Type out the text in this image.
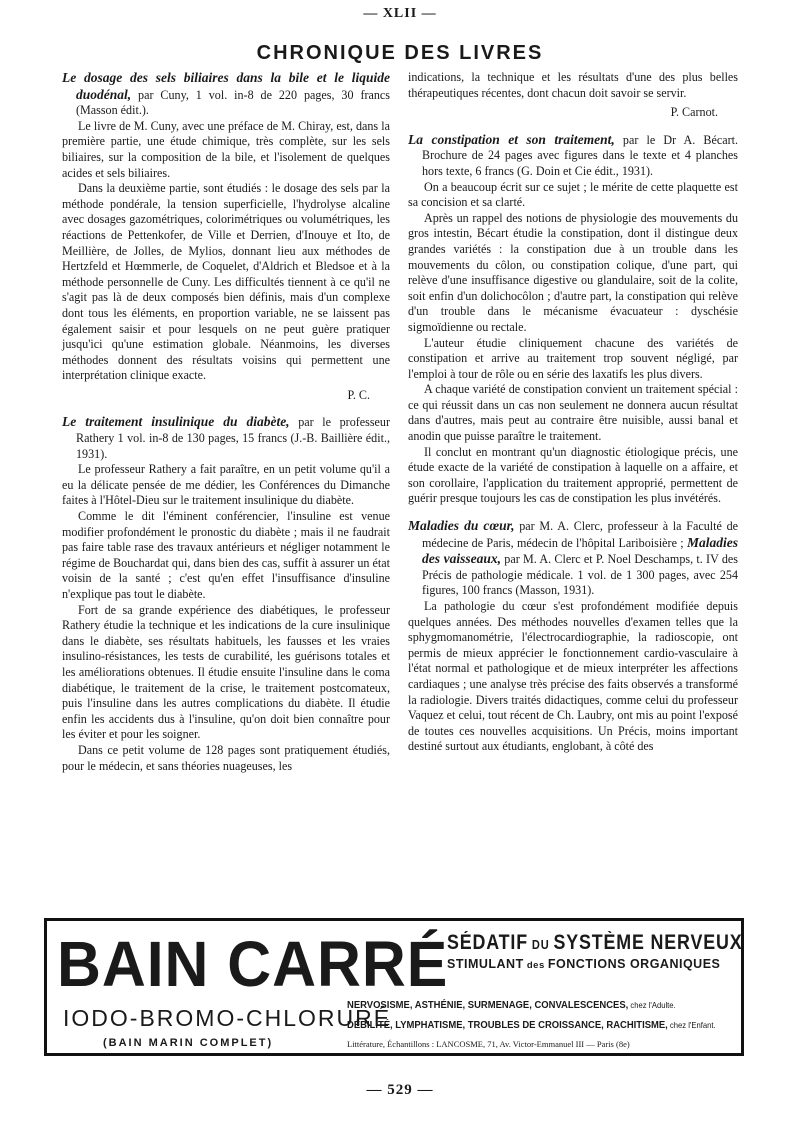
— XLII —
CHRONIQUE DES LIVRES

Le dosage des sels biliaires dans la bile et le liquide duodénal, par Cuny, 1 vol. in-8 de 220 pages, 30 francs (Masson édit.).

Le livre de M. Cuny, avec une préface de M. Chiray, est, dans la première partie, une étude chimique, très complète, sur les sels biliaires, sur la composition de la bile, et l'isolement de quelques acides et sels biliaires.

Dans la deuxième partie, sont étudiés : le dosage des sels par la méthode pondérale, la tension superficielle, l'hydrolyse alcaline avec dosages gazométriques, colorimétriques ou volumétriques, les réactions de Pettenkofer, de Ville et Derrien, d'Inouye et Ito, de Meillière, de Jolles, de Mylios, donnant lieu aux méthodes de Hertzfeld et Hœmmerle, de Coquelet, d'Aldrich et Bledsoe et à la méthode personnelle de Cuny. Les difficultés tiennent à ce qu'il ne s'agit pas là de deux composés bien définis, mais d'un complexe dont tous les éléments, en proportion variable, ne se laissent pas également saisir et pour lesquels on ne peut guère pratiquer jusqu'ici qu'une estimation globale. Néanmoins, les diverses méthodes donnent des résultats voisins qui permettent une interprétation clinique exacte.

P. C.

Le traitement insulinique du diabète, par le professeur Rathery 1 vol. in-8 de 130 pages, 15 francs (J.-B. Baillière édit., 1931).

Le professeur Rathery a fait paraître, en un petit volume qu'il a eu la délicate pensée de me dédier, les Conférences du Dimanche faites à l'Hôtel-Dieu sur le traitement insulinique du diabète.

Comme le dit l'éminent conférencier, l'insuline est venue modifier profondément le pronostic du diabète ; mais il ne faudrait pas faire table rase des travaux antérieurs et négliger notamment le régime de Bouchardat qui, dans bien des cas, suffit à assurer un état voisin de la santé ; c'est qu'en effet l'insuffisance d'insuline n'explique pas tout le diabète.

Fort de sa grande expérience des diabétiques, le professeur Rathery étudie la technique et les indications de la cure insulinique dans le diabète, ses résultats habituels, les fausses et les vraies insulino-résistances, les tests de curabilité, les guérisons totales et les améliorations obtenues. Il étudie ensuite l'insuline dans le coma diabétique, le traitement de la crise, le traitement postcomateux, puis l'insuline dans les autres complications du diabète. Il étudie enfin les accidents dus à l'insuline, qu'on doit bien connaître pour les éviter et pour les soigner.

Dans ce petit volume de 128 pages sont pratiquement étudiés, pour le médecin, et sans théories nuageuses, les

indications, la technique et les résultats d'une des plus belles thérapeutiques récentes, dont chacun doit savoir se servir.

P. Carnot.

La constipation et son traitement, par le Dr A. Bécart. Brochure de 24 pages avec figures dans le texte et 4 planches hors texte, 6 francs (G. Doin et Cie édit., 1931).

On a beaucoup écrit sur ce sujet ; le mérite de cette plaquette est sa concision et sa clarté.

Après un rappel des notions de physiologie des mouvements du gros intestin, Bécart étudie la constipation, dont il distingue deux grandes variétés : la constipation due à un trouble dans les mouvements du côlon, ou constipation colique, d'une part, qui relève d'une insuffisance digestive ou glandulaire, soit de la colite, soit enfin d'un dolichocôlon ; d'autre part, la constipation qui relève d'un trouble dans le mécanisme évacuateur : dyschésie sigmoïdienne ou rectale.

L'auteur étudie cliniquement chacune des variétés de constipation et arrive au traitement trop souvent négligé, par l'emploi à tour de rôle ou en série des laxatifs les plus divers.

A chaque variété de constipation convient un traitement spécial : ce qui réussit dans un cas non seulement ne donnera aucun résultat dans d'autres, mais peut au contraire être nuisible, aussi banal et anodin que puisse paraître le traitement.

Il conclut en montrant qu'un diagnostic étiologique précis, une étude exacte de la variété de constipation à laquelle on a affaire, et son corollaire, l'application du traitement approprié, permettent de guérir presque toujours les cas de constipation les plus invétérés.

Maladies du cœur, par M. A. Clerc, professeur à la Faculté de médecine de Paris, médecin de l'hôpital Lariboisière ; Maladies des vaisseaux, par M. A. Clerc et P. Noel Deschamps, t. IV des Précis de pathologie médicale. 1 vol. de 1 300 pages, avec 254 figures, 100 francs (Masson, 1931).

La pathologie du cœur s'est profondément modifiée depuis quelques années. Des méthodes nouvelles d'examen telles que la sphygmomanométrie, l'électrocardiographie, la radioscopie, ont permis de mieux apprécier le fonctionnement cardio-vasculaire à l'état normal et pathologique et de mieux interpréter les affections cardiaques ; une analyse très précise des faits observés a transformé la radiologie. Divers traités didactiques, comme celui du professeur Vaquez et celui, tout récent de Ch. Laubry, ont mis au point l'exposé de toutes ces nouvelles acquisitions. Un Précis, moins important destiné surtout aux étudiants, englobant, à côté des

BAIN CARRÉ
IODO-BROMO-CHLORURÉ
(BAIN MARIN COMPLET)
SÉDATIF DU SYSTÈME NERVEUX
STIMULANT des FONCTIONS ORGANIQUES
NERVOSISME, ASTHÉNIE, SURMENAGE, CONVALESCENCES, chez l'Adulte.
DÉBILITÉ, LYMPHATISME, TROUBLES DE CROISSANCE, RACHITISME, chez l'Enfant.
Littérature, Échantillons : LANCOSME, 71, Av. Victor-Emmanuel III — Paris (8e)
— 529 —
